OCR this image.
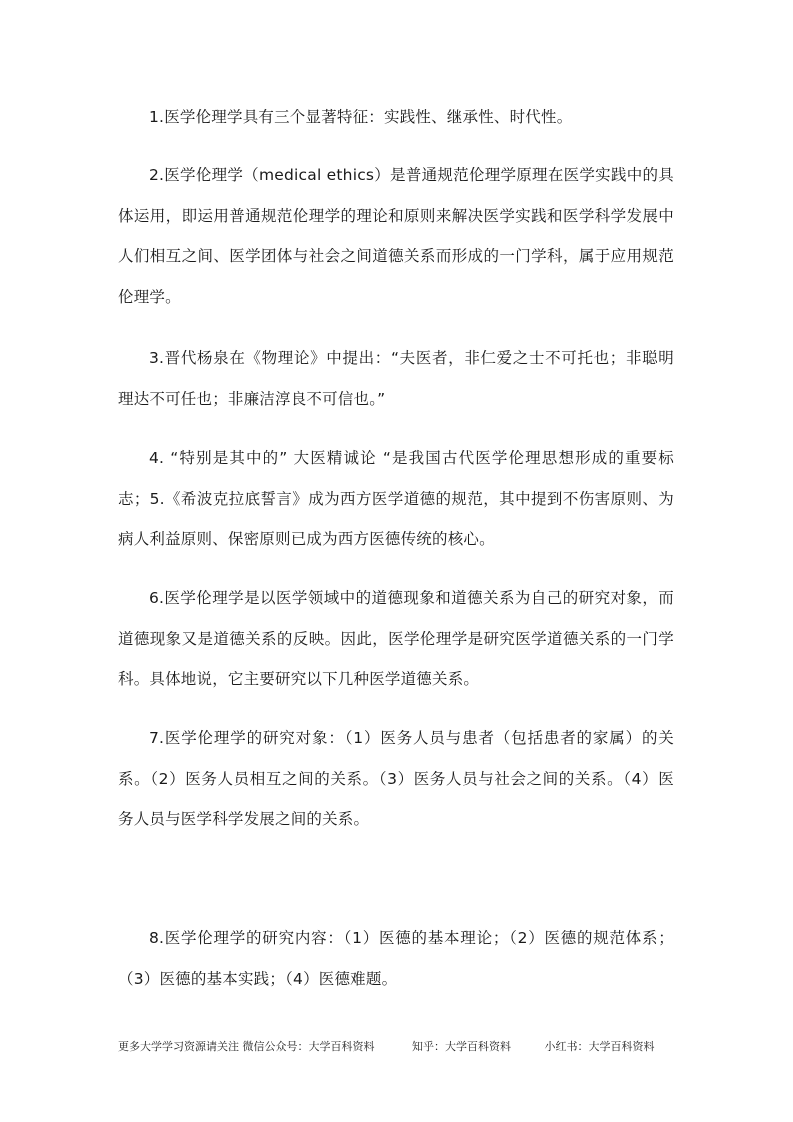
1.医学伦理学具有三个显著特征：实践性、继承性、时代性。

2.医学伦理学（medical ethics）是普通规范伦理学原理在医学实践中的具体运用，即运用普通规范伦理学的理论和原则来解决医学实践和医学科学发展中人们相互之间、医学团体与社会之间道德关系而形成的一门学科，属于应用规范伦理学。

3.晋代杨泉在《物理论》中提出：“夫医者，非仁爱之士不可托也；非聪明理达不可任也；非廉洁淳良不可信也。”

4. “特别是其中的” 大医精诚论 “是我国古代医学伦理思想形成的重要标志；5.《希波克拉底誓言》成为西方医学道德的规范，其中提到不伤害原则、为病人利益原则、保密原则已成为西方医德传统的核心。

6.医学伦理学是以医学领域中的道德现象和道德关系为自己的研究对象，而道德现象又是道德关系的反映。因此，医学伦理学是研究医学道德关系的一门学科。具体地说，它主要研究以下几种医学道德关系。

7.医学伦理学的研究对象：（1）医务人员与患者（包括患者的家属）的关系。（2）医务人员相互之间的关系。（3）医务人员与社会之间的关系。（4）医务人员与医学科学发展之间的关系。

8.医学伦理学的研究内容：（1）医德的基本理论；（2）医德的规范体系；（3）医德的基本实践；（4）医德难题。

更多大学学习资源请关注 微信公众号：大学百科资料	知乎：大学百科资料	小红书：大学百科资料
